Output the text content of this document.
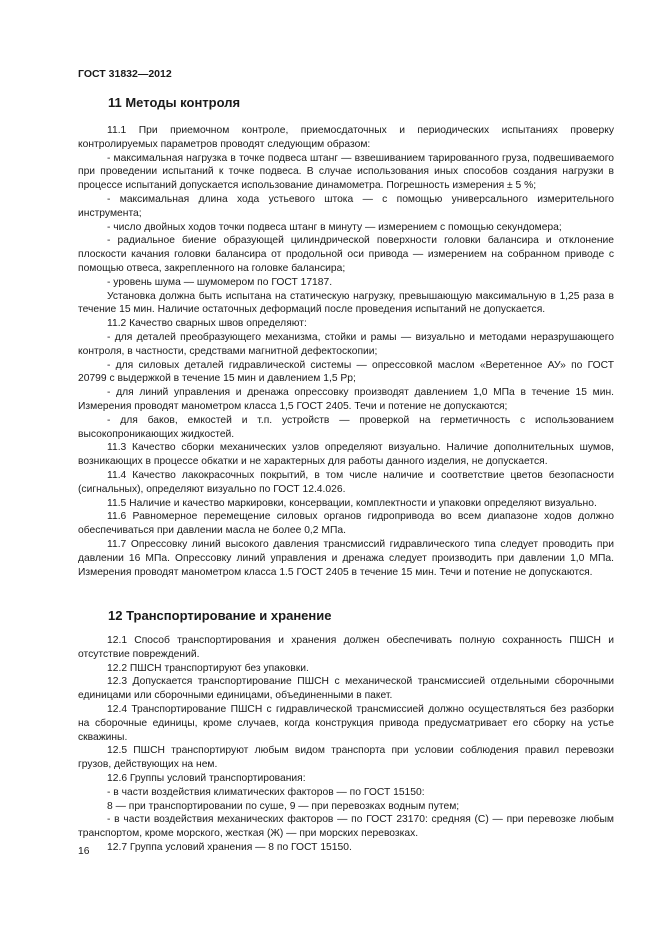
ГОСТ 31832—2012
11 Методы контроля

11.1 При приемочном контроле, приемосдаточных и периодических испытаниях проверку контролируемых параметров проводят следующим образом:

- максимальная нагрузка в точке подвеса штанг — взвешиванием тарированного груза, подвешиваемого при проведении испытаний к точке подвеса. В случае использования иных способов создания нагрузки в процессе испытаний допускается использование динамометра. Погрешность измерения ± 5 %;

- максимальная длина хода устьевого штока — с помощью универсального измерительного инструмента;

- число двойных ходов точки подвеса штанг в минуту — измерением с помощью секундомера;

- радиальное биение образующей цилиндрической поверхности головки балансира и отклонение плоскости качания головки балансира от продольной оси привода — измерением на собранном приводе с помощью отвеса, закрепленного на головке балансира;

- уровень шума — шумомером по ГОСТ 17187.

Установка должна быть испытана на статическую нагрузку, превышающую максимальную в 1,25 раза в течение 15 мин. Наличие остаточных деформаций после проведения испытаний не допускается.

11.2 Качество сварных швов определяют:

- для деталей преобразующего механизма, стойки и рамы — визуально и методами неразрушающего контроля, в частности, средствами магнитной дефектоскопии;

- для силовых деталей гидравлической системы — опрессовкой маслом «Веретенное АУ» по ГОСТ 20799 с выдержкой в течение 15 мин и давлением 1,5 Pр;

- для линий управления и дренажа опрессовку производят давлением 1,0 МПа в течение 15 мин. Измерения проводят манометром класса 1,5 ГОСТ 2405. Течи и потение не допускаются;

- для баков, емкостей и т.п. устройств — проверкой на герметичность с использованием высокопроникающих жидкостей.

11.3 Качество сборки механических узлов определяют визуально. Наличие дополнительных шумов, возникающих в процессе обкатки и не характерных для работы данного изделия, не допускается.

11.4 Качество лакокрасочных покрытий, в том числе наличие и соответствие цветов безопасности (сигнальных), определяют визуально по ГОСТ 12.4.026.

11.5 Наличие и качество маркировки, консервации, комплектности и упаковки определяют визуально.

11.6 Равномерное перемещение силовых органов гидропривода во всем диапазоне ходов должно обеспечиваться при давлении масла не более 0,2 МПа.

11.7 Опрессовку линий высокого давления трансмиссий гидравлического типа следует проводить при давлении 16 МПа. Опрессовку линий управления и дренажа следует производить при давлении 1,0 МПа. Измерения проводят манометром класса 1.5 ГОСТ 2405 в течение 15 мин. Течи и потение не допускаются.

12 Транспортирование и хранение

12.1 Способ транспортирования и хранения должен обеспечивать полную сохранность ПШСН и отсутствие повреждений.

12.2 ПШСН транспортируют без упаковки.

12.3 Допускается транспортирование ПШСН с механической трансмиссией отдельными сборочными единицами или сборочными единицами, объединенными в пакет.

12.4 Транспортирование ПШСН с гидравлической трансмиссией должно осуществляться без разборки на сборочные единицы, кроме случаев, когда конструкция привода предусматривает его сборку на устье скважины.

12.5 ПШСН транспортируют любым видом транспорта при условии соблюдения правил перевозки грузов, действующих на нем.

12.6 Группы условий транспортирования:

- в части воздействия климатических факторов — по ГОСТ 15150:

8 — при транспортировании по суше, 9 — при перевозках водным путем;

- в части воздействия механических факторов — по ГОСТ 23170: средняя (С) — при перевозке любым транспортом, кроме морского, жесткая (Ж) — при морских перевозках.

12.7 Группа условий хранения — 8 по ГОСТ 15150.

16
